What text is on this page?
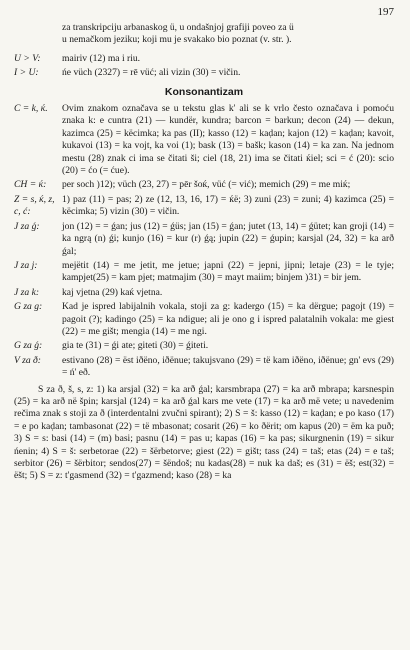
197
za transkripciju arbanaskog ü, u ondašnjoj grafiji poveo za ü
u nemačkom jeziku; koji mu je svakako bio poznat (v. str. ).
U > V:	mairiv (12) ma i riu.
I > U:	ńe vüch (2327) = rē vüć; ali vizin (30) = vičin.
Konsonantizam
C = k, ќ.	Ovim znakom označava se u tekstu glas k' ali se k vrlo često označava i pomoću znaka k: e cuntra (21) — kundër, kundra; barcon = barkun; decon (24) — dekun, kazimca (25) = këcimka; ka pas (II); kasso (12) = kaḍan; kajon (12) = kaḍan; kavoit, kukavoi (13) = ka vojt, ka voi (1); bask (13) = bašk; kason (14) = ka zan. Na jednom mestu (28) znak ci ima se čitati ši; ciel (18, 21) ima se čitati ќiel; sci = ć (20): scio (20) = ćo (= ćue).
CH = ќ:	per soch )12); vüch (23, 27) = pēr šoќ, vüć (= vić); memich (29) = me miќ;
Z = s, ќ, z, c, ć:
1) paz (11) = pas; 2) ze (12, 13, 16, 17) = ќë; 3) zuni (23) = zuni; 4) kazimca (25) = këcimka; 5) vizin (30) = vičin.
J za ǵ:	jon (12) = = ǵan; jus (12) = ǵüs; jan (15) = ǵan; jutet (13, 14) = ǵütet; kan groji (14) = ka ngrą (n) ǵi; kunjo (16) = kur (r) ǵą; jupin (22) = ǵupin; karsjal (24, 32) = ka arð ǵal;
J za j:	mejëtit (14) = me jetit, me jetue; japni (22) = jepni, jipni; letaje (23) = le tyje; kampjet(25) = kam pjet; matmajim (30) = mayt maiim; binjem )31) = bir jem.
J za k:	kaj vjetna (29) kaќ vjetna.
G za g:	Kad je ispred labijalnih vokala, stoji za g: kadergo (15) = ka dërgue; pagojt (19) = pagoit (?); kadingo (25) = ka ndigue; ali je ono g i ispred palatalnih vokala: me giest (22) = me gišt; mengia (14) = me ngi.
G za ǵ:	gia te (31) = ǵi ate; giteti (30) = ǵiteti.
V za ð:	estivano (28) = ëst iðëno, iðënue; takujsvano (29) = të kam iðëno, iðënue; gn' evs (29) = ń' eð.

S za ð, š, s, z: 1) ka arsjal (32) = ka arð ǵal; karsmbrapa (27) = ka arð mbrapa; karsnespin (25) = ka arð në špin; karsjal (124) = ka arð ǵal kars me vete (17) = ka arð më vete; u navedenim rečima znak s stoji za ð (interdentalni zvučni spirant); 2) S = š: kasso (12) = kaḍan; e po kaso (17) = e po kaḍan; tambasonat (22) = të mbasonat; cosarit (26) = ko ðërit; om kapus (20) = ëm ka puð; 3) S = s: basi (14) = (m) basi; pasnu (14) = pas u; kapas (16) = ka pas; sikurgnenin (19) = sikur ńenin; 4) S = š: serbetorae (22) = šërbetorve; giest (22) = gišt; tass (24) = taš; etas (24) = e taš; serbitor (26) = šërbitor; sendos(27) = šëndoš; nu kadas(28) = nuk ka daš; es (31) = ëš; est(32) = ëšt; 5) S = z: t'gasmend (32) = t'gazmend; kaso (28) = ka
